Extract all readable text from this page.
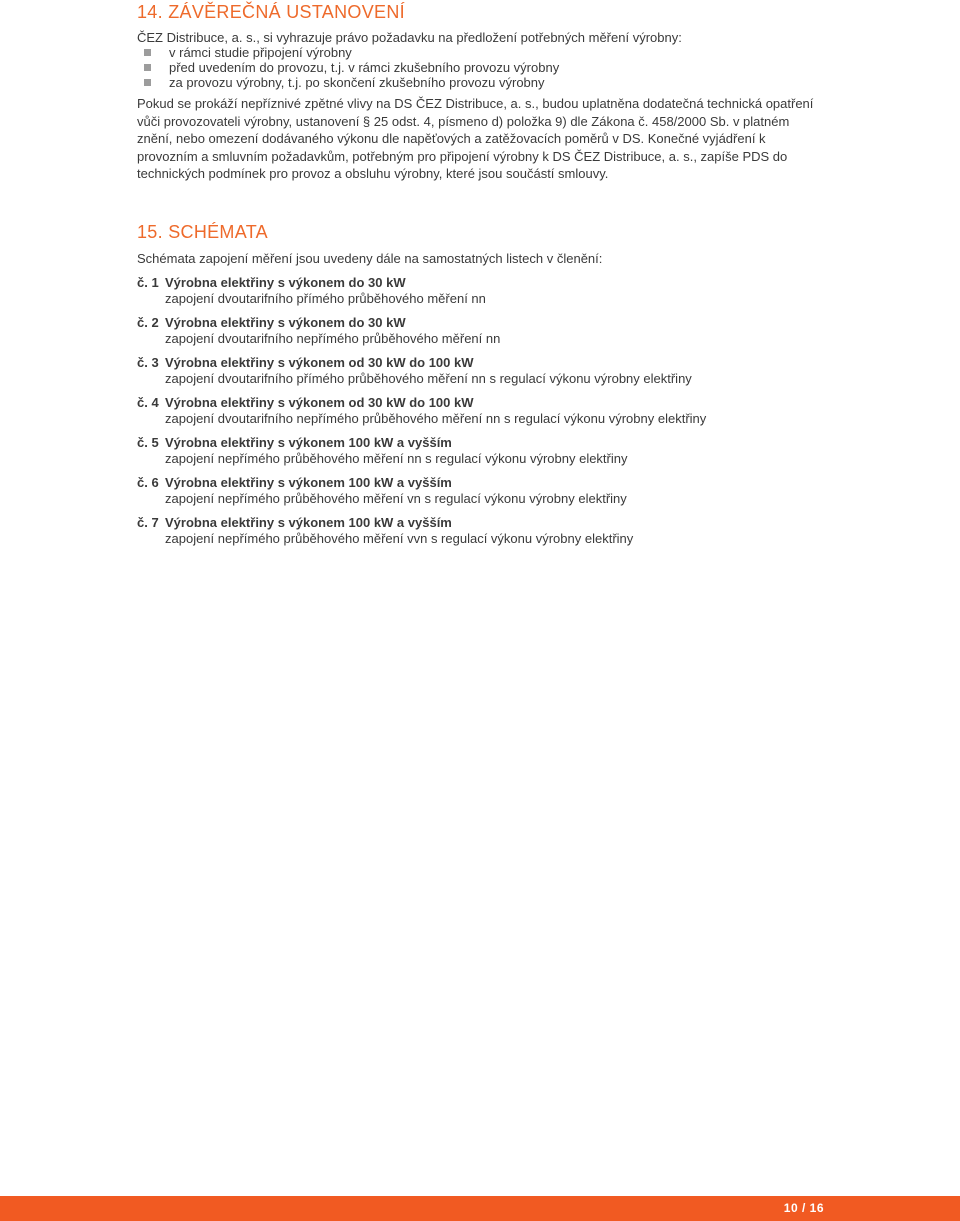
14. ZÁVĚREČNÁ USTANOVENÍ

ČEZ Distribuce, a. s., si vyhrazuje právo požadavku na předložení potřebných měření výrobny:

v rámci studie připojení výrobny
před uvedením do provozu, t.j. v rámci zkušebního provozu výrobny
za provozu výrobny, t.j. po skončení zkušebního provozu výrobny

Pokud se prokáží nepříznivé zpětné vlivy na DS ČEZ Distribuce, a. s., budou uplatněna dodatečná technická opatření vůči provozovateli výrobny, ustanovení § 25 odst. 4, písmeno d) položka 9) dle Zákona č. 458/2000 Sb. v platném znění, nebo omezení dodávaného výkonu dle napěťových a zatěžovacích poměrů v DS. Konečné vyjádření k provozním a smluvním požadavkům, potřebným pro připojení výrobny k DS ČEZ Distribuce, a. s., zapíše PDS do technických podmínek pro provoz a obsluhu výrobny, které jsou součástí smlouvy.

15. SCHÉMATA

Schémata zapojení měření jsou uvedeny dále na samostatných listech v členění:

č. 1 Výrobna elektřiny s výkonem do 30 kW
zapojení dvoutarifního přímého průběhového měření nn
č. 2 Výrobna elektřiny s výkonem do 30 kW
zapojení dvoutarifního nepřímého průběhového měření nn
č. 3 Výrobna elektřiny s výkonem od 30 kW do 100 kW
zapojení dvoutarifního přímého průběhového měření nn s regulací výkonu výrobny elektřiny
č. 4 Výrobna elektřiny s výkonem od 30 kW do 100 kW
zapojení dvoutarifního nepřímého průběhového měření nn s regulací výkonu výrobny elektřiny
č. 5 Výrobna elektřiny s výkonem 100 kW a vyšším
zapojení nepřímého průběhového měření nn s regulací výkonu výrobny elektřiny
č. 6 Výrobna elektřiny s výkonem 100 kW a vyšším
zapojení nepřímého průběhového měření vn s regulací výkonu výrobny elektřiny
č. 7 Výrobna elektřiny s výkonem 100 kW a vyšším
zapojení nepřímého průběhového měření vvn s regulací výkonu výrobny elektřiny
10 / 16
